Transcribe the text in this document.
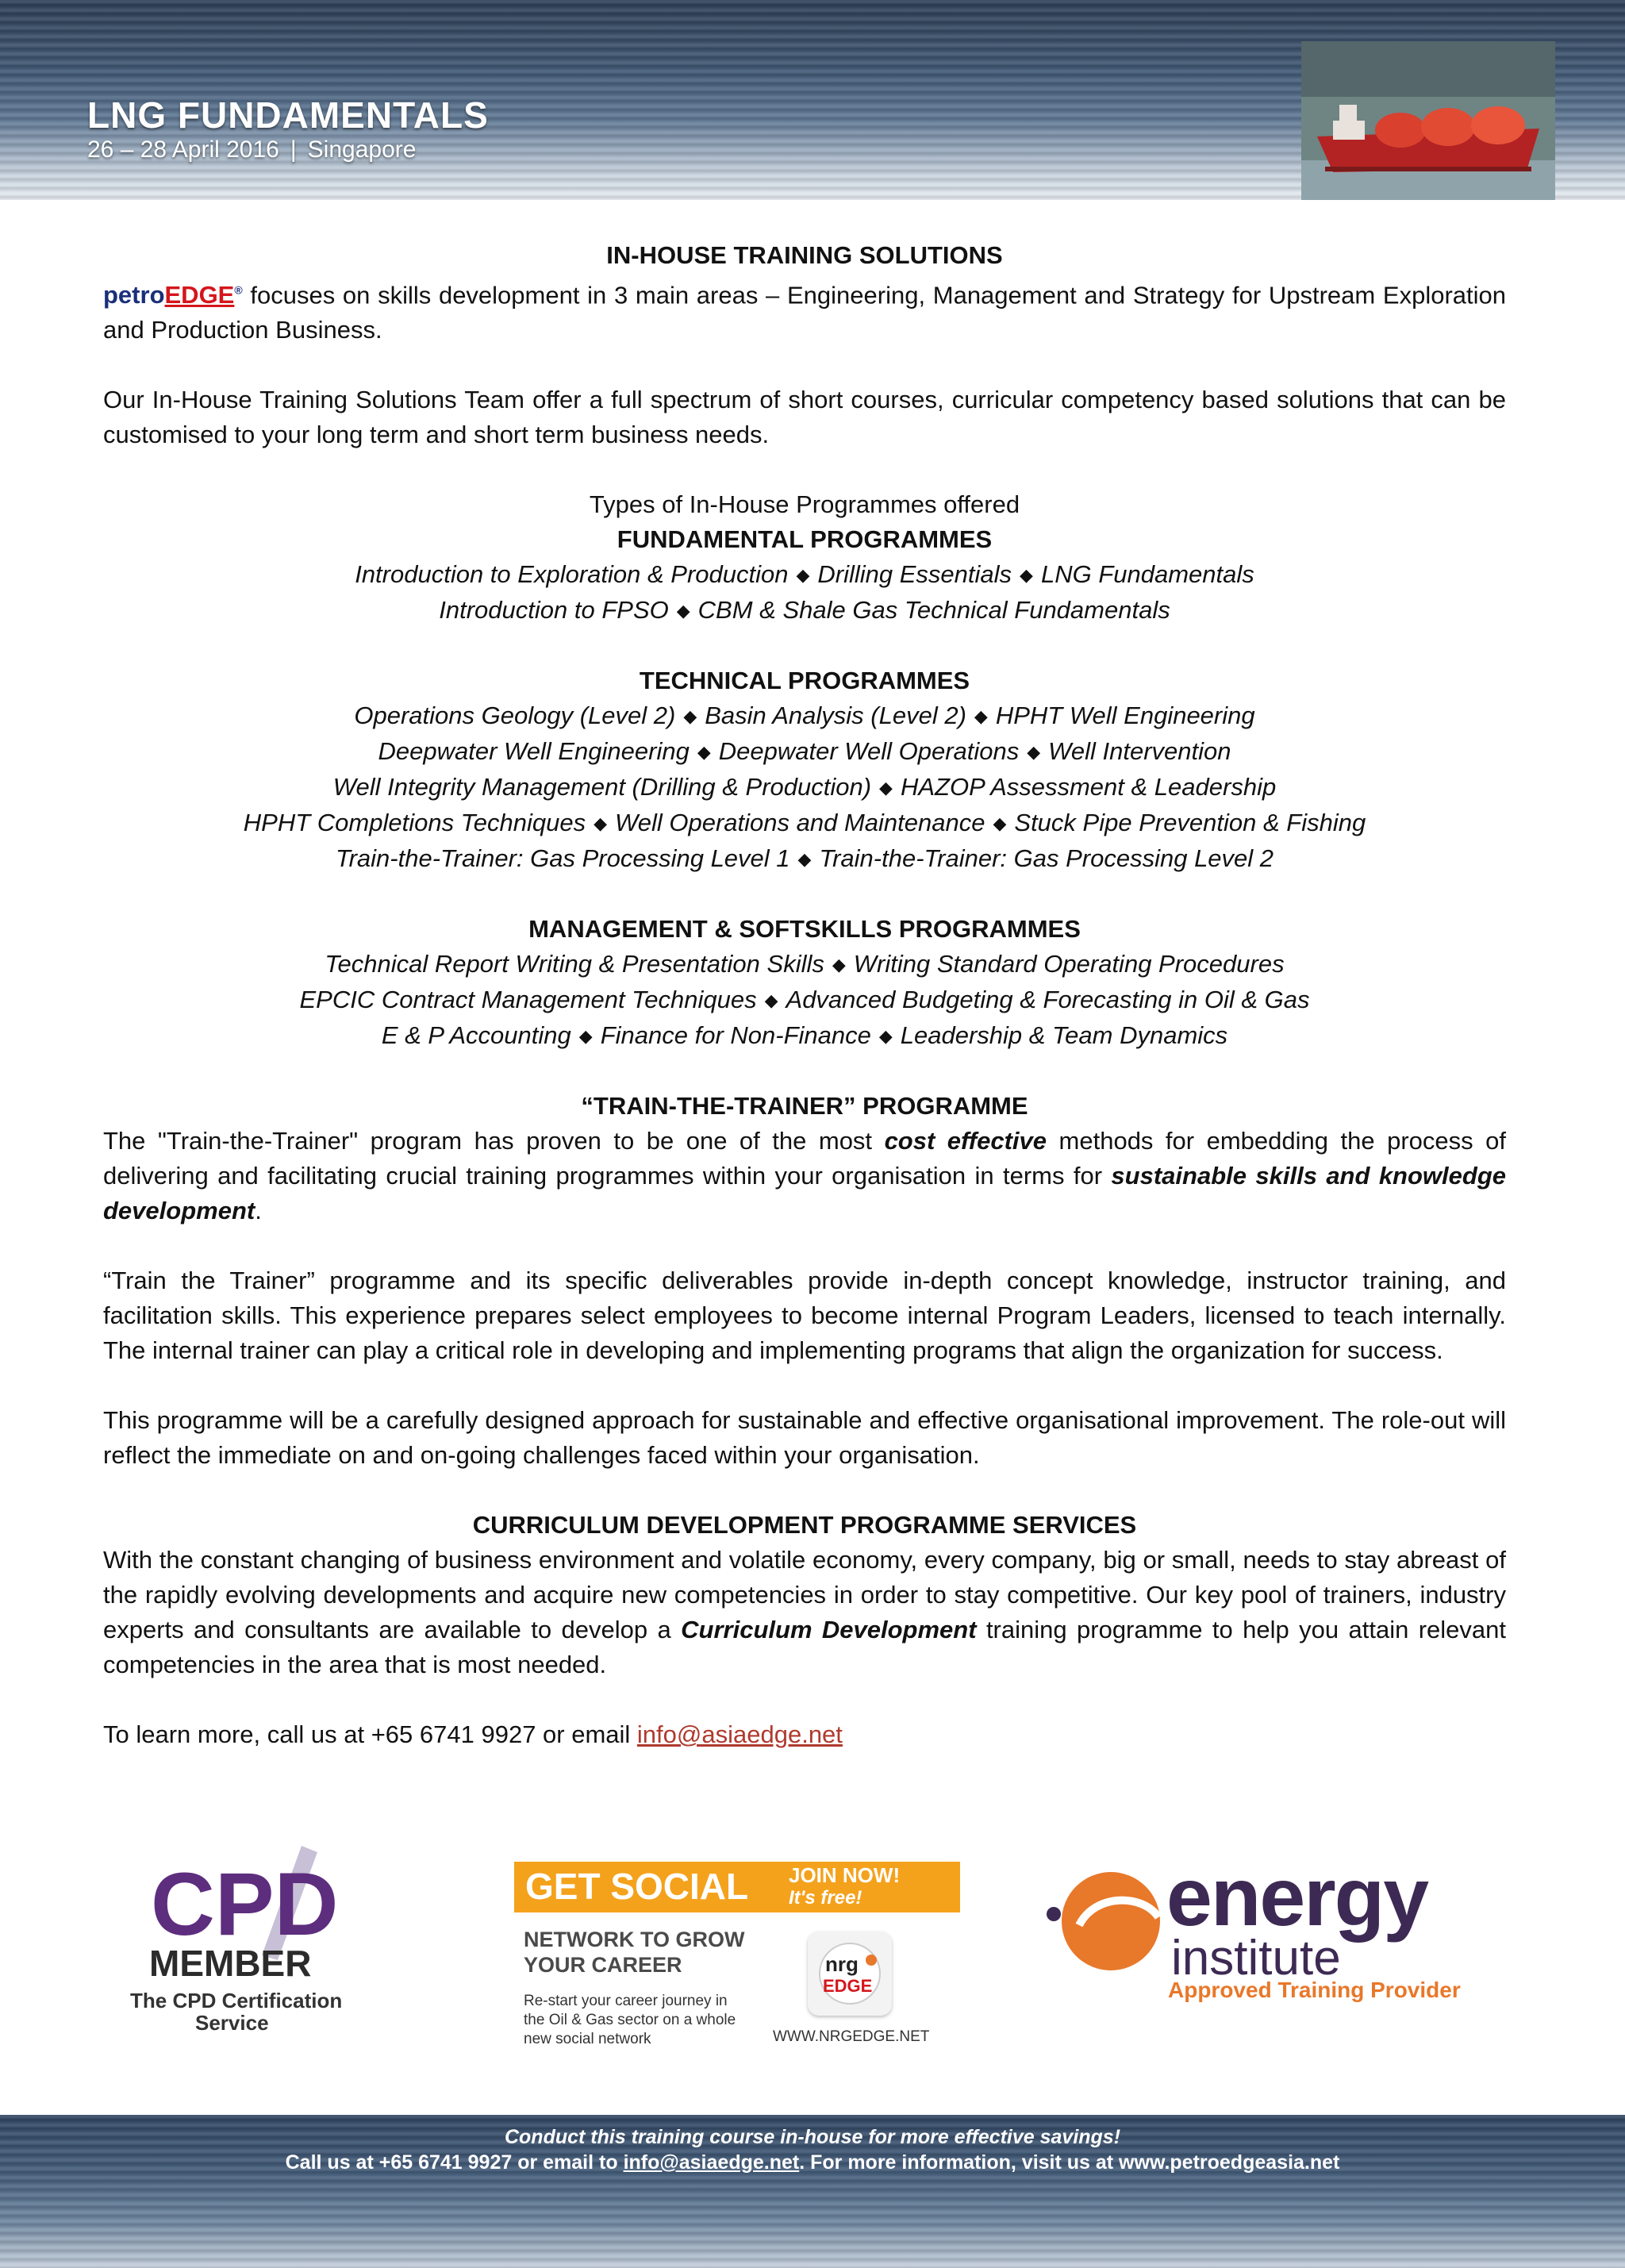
LNG FUNDAMENTALS
26 – 28 April 2016 | Singapore
IN-HOUSE TRAINING SOLUTIONS
petroEDGE® focuses on skills development in 3 main areas – Engineering, Management and Strategy for Upstream Exploration and Production Business.
Our In-House Training Solutions Team offer a full spectrum of short courses, curricular competency based solutions that can be customised to your long term and short term business needs.
Types of In-House Programmes offered
FUNDAMENTAL PROGRAMMES
Introduction to Exploration & Production ◆ Drilling Essentials ◆ LNG Fundamentals
Introduction to FPSO ◆ CBM & Shale Gas Technical Fundamentals
TECHNICAL PROGRAMMES
Operations Geology (Level 2) ◆ Basin Analysis (Level 2) ◆ HPHT Well Engineering
Deepwater Well Engineering ◆ Deepwater Well Operations ◆ Well Intervention
Well Integrity Management (Drilling & Production) ◆ HAZOP Assessment & Leadership
HPHT Completions Techniques ◆ Well Operations and Maintenance ◆ Stuck Pipe Prevention & Fishing
Train-the-Trainer: Gas Processing Level 1 ◆ Train-the-Trainer: Gas Processing Level 2
MANAGEMENT & SOFTSKILLS PROGRAMMES
Technical Report Writing & Presentation Skills ◆ Writing Standard Operating Procedures
EPCIC Contract Management Techniques ◆ Advanced Budgeting & Forecasting in Oil & Gas
E & P Accounting ◆ Finance for Non-Finance ◆ Leadership & Team Dynamics
“TRAIN-THE-TRAINER” PROGRAMME
The "Train-the-Trainer" program has proven to be one of the most cost effective methods for embedding the process of delivering and facilitating crucial training programmes within your organisation in terms for sustainable skills and knowledge development.
“Train the Trainer” programme and its specific deliverables provide in-depth concept knowledge, instructor training, and facilitation skills. This experience prepares select employees to become internal Program Leaders, licensed to teach internally. The internal trainer can play a critical role in developing and implementing programs that align the organization for success.
This programme will be a carefully designed approach for sustainable and effective organisational improvement. The role-out will reflect the immediate on and on-going challenges faced within your organisation.
CURRICULUM DEVELOPMENT PROGRAMME SERVICES
With the constant changing of business environment and volatile economy, every company, big or small, needs to stay abreast of the rapidly evolving developments and acquire new competencies in order to stay competitive. Our key pool of trainers, industry experts and consultants are available to develop a Curriculum Development training programme to help you attain relevant competencies in the area that is most needed.
To learn more, call us at +65 6741 9927 or email info@asiaedge.net
CPD
MEMBER
The CPD Certification
Service
GET SOCIAL JOIN NOW!
It's free!
NETWORK TO GROW
YOUR CAREER
Re-start your career journey in
the Oil & Gas sector on a whole
new social network
nrg
EDGE
WWW.NRGEDGE.NET
energy
institute
Approved Training Provider
Conduct this training course in-house for more effective savings!
Call us at +65 6741 9927 or email to info@asiaedge.net. For more information, visit us at www.petroedgeasia.net
